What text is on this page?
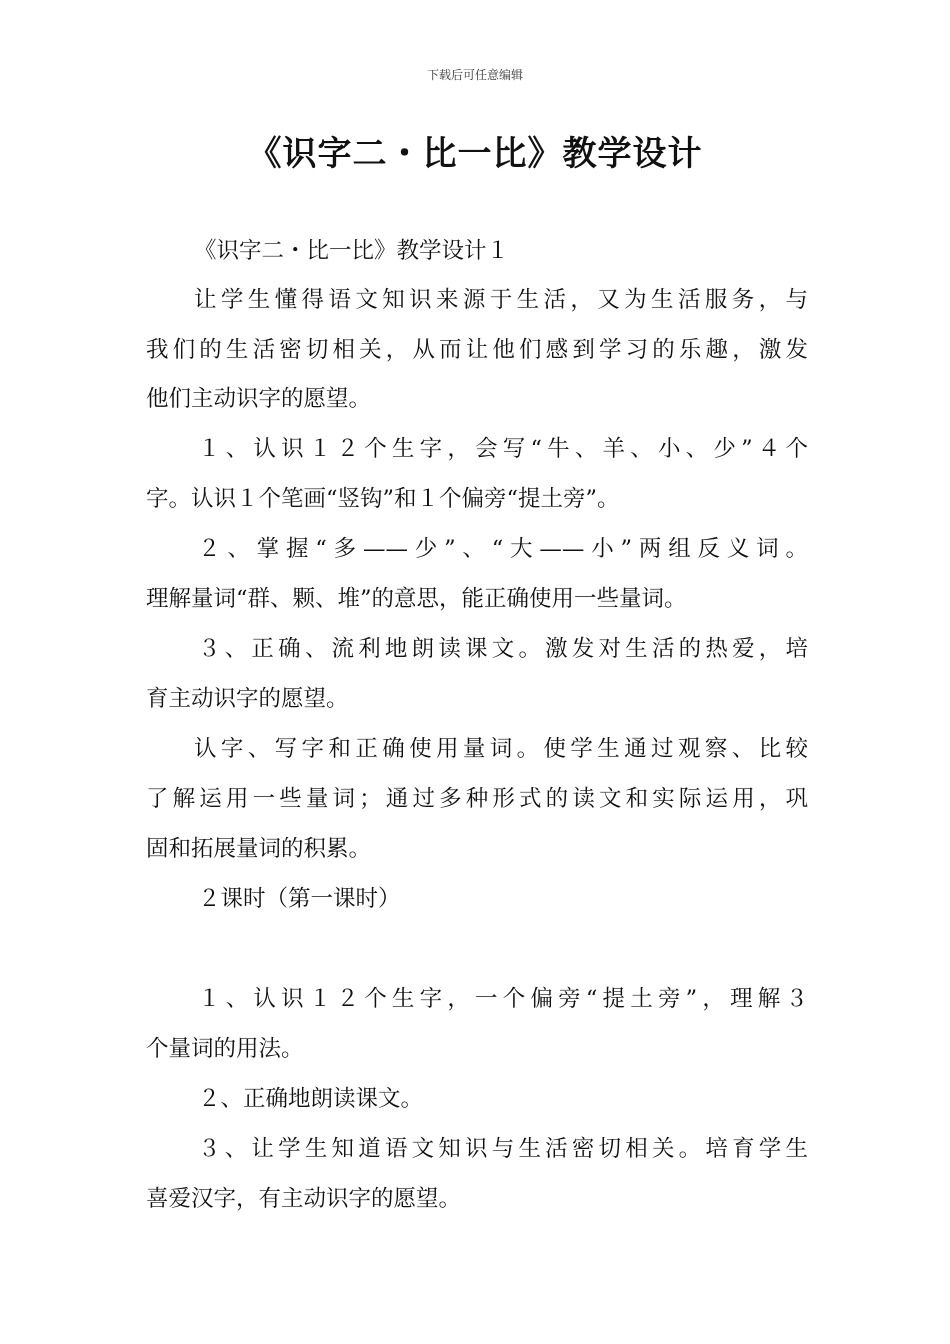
下载后可任意编辑
《识字二・比一比》教学设计
《识字二・比一比》教学设计１
让学生懂得语文知识来源于生活，又为生活服务，与
我们的生活密切相关，从而让他们感到学习的乐趣，激发
他们主动识字的愿望。
１、认识１２个生字，会写“牛、羊、小、少”４个
字。认识１个笔画“竖钩”和１个偏旁“提土旁”。
２、掌握“多——少”、“大——小”两组反义词。
理解量词“群、颗、堆”的意思，能正确使用一些量词。
３、正确、流利地朗读课文。激发对生活的热爱，培
育主动识字的愿望。
认字、写字和正确使用量词。使学生通过观察、比较
了解运用一些量词；通过多种形式的读文和实际运用，巩
固和拓展量词的积累。
２课时（第一课时）
１、认识１２个生字，一个偏旁“提土旁”，理解３
个量词的用法。
２、正确地朗读课文。
３、让学生知道语文知识与生活密切相关。培育学生
喜爱汉字，有主动识字的愿望。
